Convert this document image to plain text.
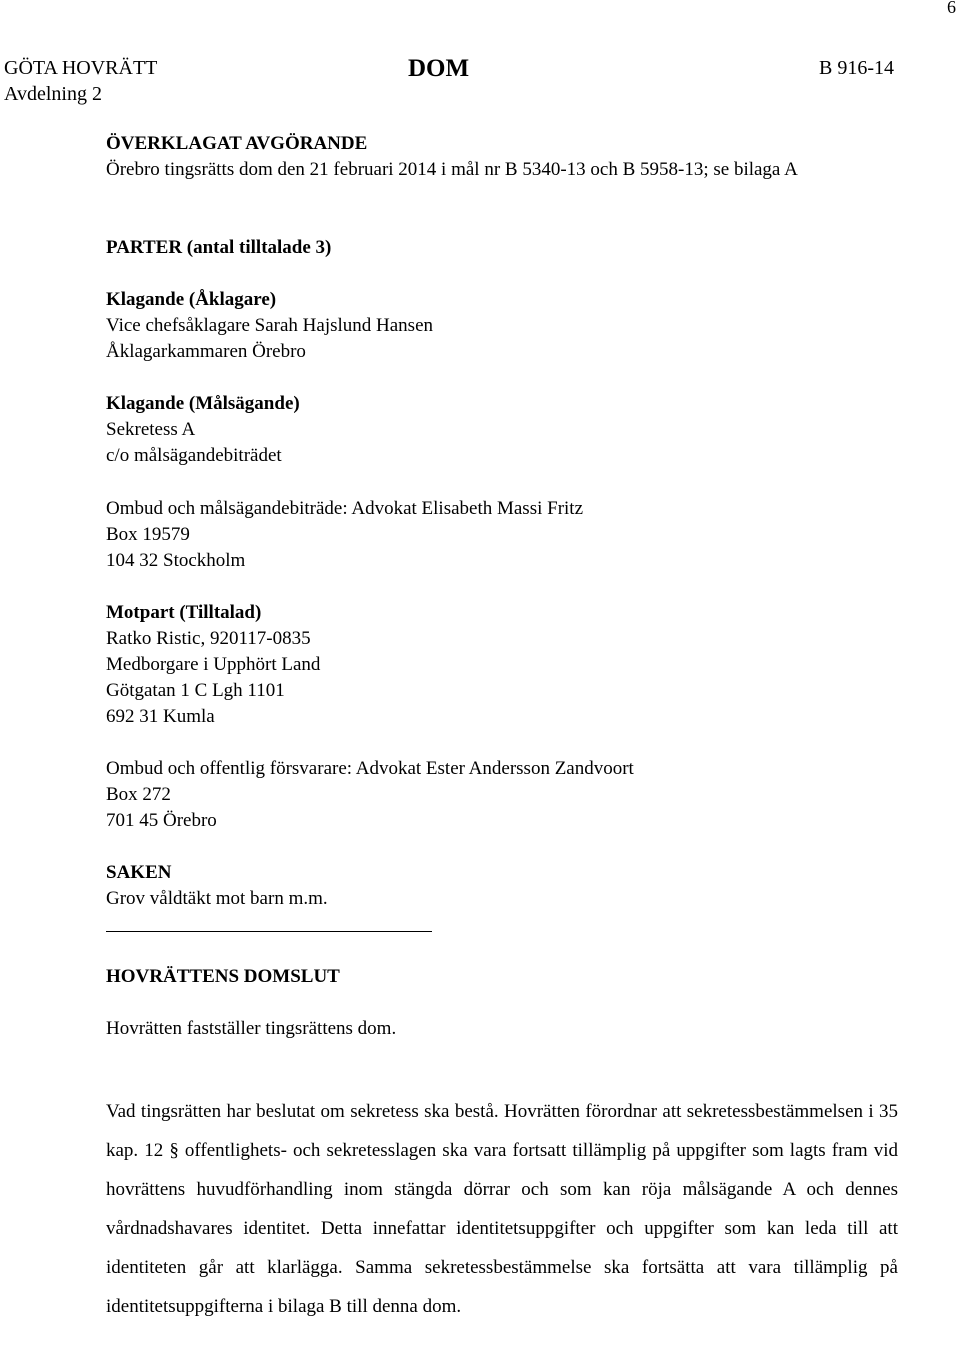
6
GÖTA HOVRÄTT
Avdelning 2
DOM	B 916-14
ÖVERKLAGAT AVGÖRANDE
Örebro tingsrätts dom den 21 februari 2014 i mål nr B 5340-13 och B 5958-13; se bilaga A
PARTER (antal tilltalade 3)
Klagande (Åklagare)
Vice chefsåklagare Sarah Hajslund Hansen
Åklagarkammaren Örebro
Klagande (Målsägande)
Sekretess A
c/o målsägandebiträdet
Ombud och målsägandebiträde: Advokat Elisabeth Massi Fritz
Box 19579
104 32 Stockholm
Motpart (Tilltalad)
Ratko Ristic, 920117-0835
Medborgare i Upphört Land
Götgatan 1 C Lgh 1101
692 31 Kumla
Ombud och offentlig försvarare: Advokat Ester Andersson Zandvoort
Box 272
701 45 Örebro
SAKEN
Grov våldtäkt mot barn m.m.
HOVRÄTTENS DOMSLUT
Hovrätten fastställer tingsrättens dom.

Vad tingsrätten har beslutat om sekretess ska bestå. Hovrätten förordnar att sekretessbestämmelsen i 35 kap. 12 § offentlighets- och sekretesslagen ska vara fortsatt tillämplig på uppgifter som lagts fram vid hovrättens huvudförhandling inom stängda dörrar och som kan röja målsägande A och dennes vårdnadshavares identitet. Detta innefattar identitetsuppgifter och uppgifter som kan leda till att identiteten går att klarlägga. Samma sekretessbestämmelse ska fortsätta att vara tillämplig på identitetsuppgifterna i bilaga B till denna dom.
